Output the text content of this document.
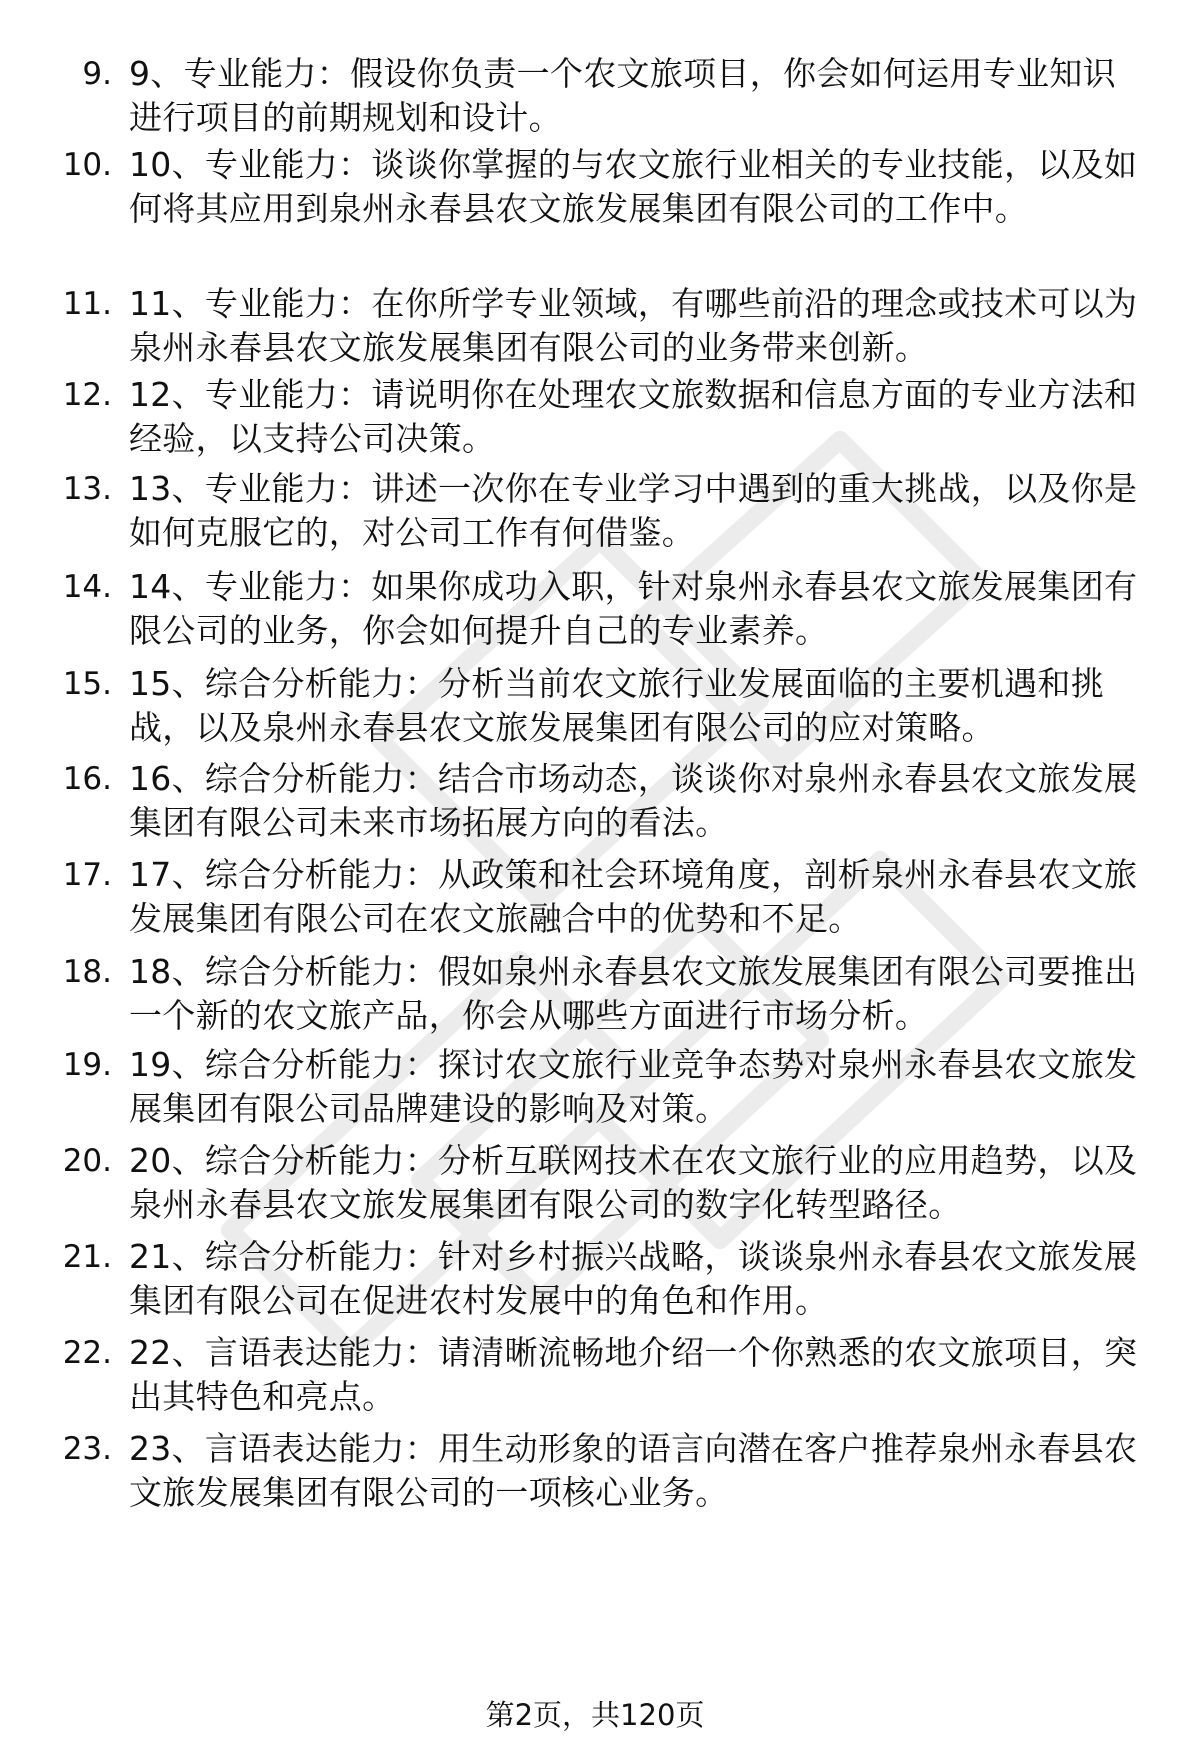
9. 9、专业能力：假设你负责一个农文旅项目，你会如何运用专业知识进行项目的前期规划和设计。
10. 10、专业能力：谈谈你掌握的与农文旅行业相关的专业技能，以及如何将其应用到泉州永春县农文旅发展集团有限公司的工作中。
11. 11、专业能力：在你所学专业领域，有哪些前沿的理念或技术可以为泉州永春县农文旅发展集团有限公司的业务带来创新。
12. 12、专业能力：请说明你在处理农文旅数据和信息方面的专业方法和经验，以支持公司决策。
13. 13、专业能力：讲述一次你在专业学习中遇到的重大挑战，以及你是如何克服它的，对公司工作有何借鉴。
14. 14、专业能力：如果你成功入职，针对泉州永春县农文旅发展集团有限公司的业务，你会如何提升自己的专业素养。
15. 15、综合分析能力：分析当前农文旅行业发展面临的主要机遇和挑战，以及泉州永春县农文旅发展集团有限公司的应对策略。
16. 16、综合分析能力：结合市场动态，谈谈你对泉州永春县农文旅发展集团有限公司未来市场拓展方向的看法。
17. 17、综合分析能力：从政策和社会环境角度，剖析泉州永春县农文旅发展集团有限公司在农文旅融合中的优势和不足。
18. 18、综合分析能力：假如泉州永春县农文旅发展集团有限公司要推出一个新的农文旅产品，你会从哪些方面进行市场分析。
19. 19、综合分析能力：探讨农文旅行业竞争态势对泉州永春县农文旅发展集团有限公司品牌建设的影响及对策。
20. 20、综合分析能力：分析互联网技术在农文旅行业的应用趋势，以及泉州永春县农文旅发展集团有限公司的数字化转型路径。
21. 21、综合分析能力：针对乡村振兴战略，谈谈泉州永春县农文旅发展集团有限公司在促进农村发展中的角色和作用。
22. 22、言语表达能力：请清晰流畅地介绍一个你熟悉的农文旅项目，突出其特色和亮点。
23. 23、言语表达能力：用生动形象的语言向潜在客户推荐泉州永春县农文旅发展集团有限公司的一项核心业务。
第2页，共120页
